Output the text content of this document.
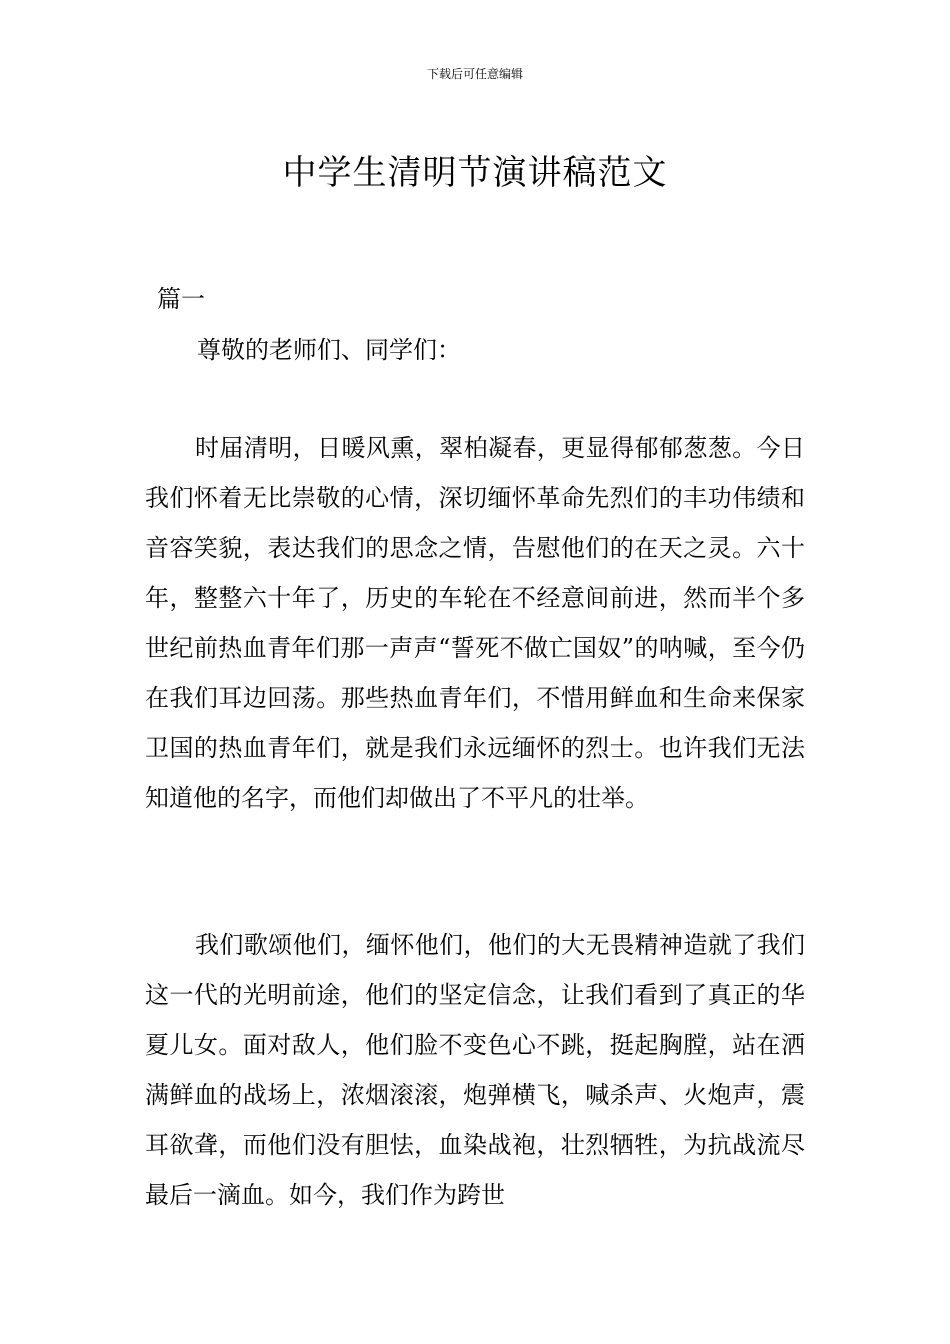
下载后可任意编辑
中学生清明节演讲稿范文
篇一
尊敬的老师们、同学们：

时届清明，日暖风熏，翠柏凝春，更显得郁郁葱葱。今日我们怀着无比崇敬的心情，深切缅怀革命先烈们的丰功伟绩和音容笑貌，表达我们的思念之情，告慰他们的在天之灵。六十年，整整六十年了，历史的车轮在不经意间前进，然而半个多世纪前热血青年们那一声声“誓死不做亡国奴”的呐喊，至今仍在我们耳边回荡。那些热血青年们，不惜用鲜血和生命来保家卫国的热血青年们，就是我们永远缅怀的烈士。也许我们无法知道他的名字，而他们却做出了不平凡的壮举。

我们歌颂他们，缅怀他们，他们的大无畏精神造就了我们这一代的光明前途，他们的坚定信念，让我们看到了真正的华夏儿女。面对敌人，他们脸不变色心不跳，挺起胸膛，站在洒满鲜血的战场上，浓烟滚滚，炮弹横飞，喊杀声、火炮声，震耳欲聋，而他们没有胆怯，血染战袍，壮烈牺牲，为抗战流尽最后一滴血。如今，我们作为跨世
